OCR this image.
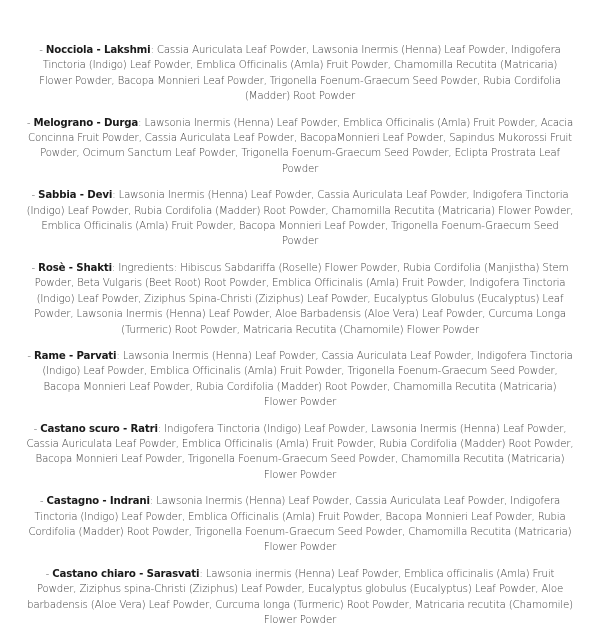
- Nocciola - Lakshmi: Cassia Auriculata Leaf Powder, Lawsonia Inermis (Henna) Leaf Powder, Indigofera Tinctoria (Indigo) Leaf Powder, Emblica Officinalis (Amla) Fruit Powder, Chamomilla Recutita (Matricaria) Flower Powder, Bacopa Monnieri Leaf Powder, Trigonella Foenum-Graecum Seed Powder, Rubia Cordifolia (Madder) Root Powder

- Melograno - Durga: Lawsonia Inermis (Henna) Leaf Powder, Emblica Officinalis (Amla) Fruit Powder, Acacia Concinna Fruit Powder, Cassia Auriculata Leaf Powder, BacopaMonnieri Leaf Powder, Sapindus Mukorossi Fruit Powder, Ocimum Sanctum Leaf Powder, Trigonella Foenum-Graecum Seed Powder, Eclipta Prostrata Leaf Powder

- Sabbia - Devi: Lawsonia Inermis (Henna) Leaf Powder, Cassia Auriculata Leaf Powder, Indigofera Tinctoria (Indigo) Leaf Powder, Rubia Cordifolia (Madder) Root Powder, Chamomilla Recutita (Matricaria) Flower Powder, Emblica Officinalis (Amla) Fruit Powder, Bacopa Monnieri Leaf Powder, Trigonella Foenum-Graecum Seed Powder

- Rosè - Shakti: Ingredients: Hibiscus Sabdariffa (Roselle) Flower Powder, Rubia Cordifolia (Manjistha) Stem Powder, Beta Vulgaris (Beet Root) Root Powder, Emblica Officinalis (Amla) Fruit Powder, Indigofera Tinctoria (Indigo) Leaf Powder, Ziziphus Spina-Christi (Ziziphus) Leaf Powder, Eucalyptus Globulus (Eucalyptus) Leaf Powder, Lawsonia Inermis (Henna) Leaf Powder, Aloe Barbadensis (Aloe Vera) Leaf Powder, Curcuma Longa (Turmeric) Root Powder, Matricaria Recutita (Chamomile) Flower Powder

- Rame - Parvati: Lawsonia Inermis (Henna) Leaf Powder, Cassia Auriculata Leaf Powder, Indigofera Tinctoria (Indigo) Leaf Powder, Emblica Officinalis (Amla) Fruit Powder, Trigonella Foenum-Graecum Seed Powder, Bacopa Monnieri Leaf Powder, Rubia Cordifolia (Madder) Root Powder, Chamomilla Recutita (Matricaria) Flower Powder

- Castano scuro - Ratri: Indigofera Tinctoria (Indigo) Leaf Powder, Lawsonia Inermis (Henna) Leaf Powder, Cassia Auriculata Leaf Powder, Emblica Officinalis (Amla) Fruit Powder, Rubia Cordifolia (Madder) Root Powder, Bacopa Monnieri Leaf Powder, Trigonella Foenum-Graecum Seed Powder, Chamomilla Recutita (Matricaria) Flower Powder

- Castagno - Indrani: Lawsonia Inermis (Henna) Leaf Powder, Cassia Auriculata Leaf Powder, Indigofera Tinctoria (Indigo) Leaf Powder, Emblica Officinalis (Amla) Fruit Powder, Bacopa Monnieri Leaf Powder, Rubia Cordifolia (Madder) Root Powder, Trigonella Foenum-Graecum Seed Powder, Chamomilla Recutita (Matricaria) Flower Powder

- Castano chiaro - Sarasvati: Lawsonia inermis (Henna) Leaf Powder, Emblica officinalis (Amla) Fruit Powder, Ziziphus spina-Christi (Ziziphus) Leaf Powder, Eucalyptus globulus (Eucalyptus) Leaf Powder, Aloe barbadensis (Aloe Vera) Leaf Powder, Curcuma longa (Turmeric) Root Powder, Matricaria recutita (Chamomile) Flower Powder
